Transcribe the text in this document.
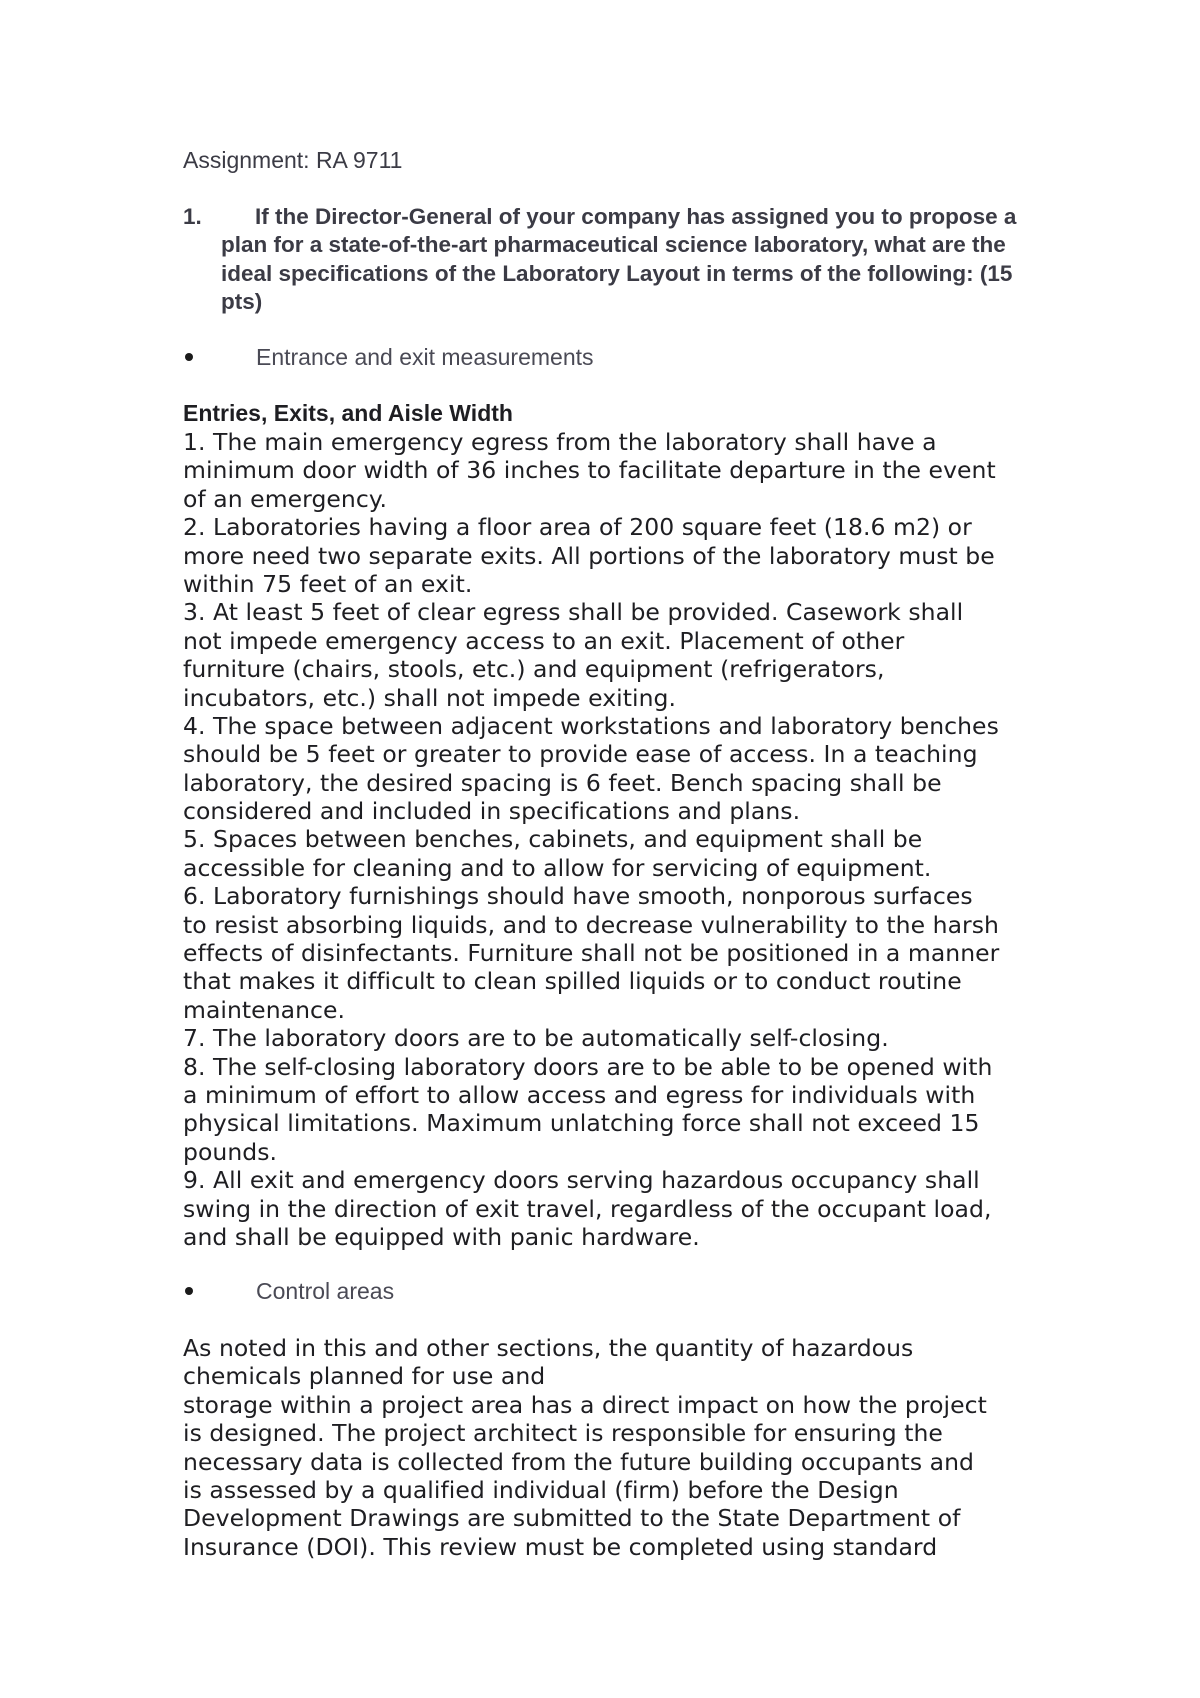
Assignment: RA 9711
1.	If the Director-General of your company has assigned you to propose a plan for a state-of-the-art pharmaceutical science laboratory, what are the ideal specifications of the Laboratory Layout in terms of the following: (15 pts)
Entrance and exit measurements
Entries, Exits, and Aisle Width
1. The main emergency egress from the laboratory shall have a
minimum door width of 36 inches to facilitate departure in the event
of an emergency.
2. Laboratories having a floor area of 200 square feet (18.6 m2) or
more need two separate exits. All portions of the laboratory must be
within 75 feet of an exit.
3. At least 5 feet of clear egress shall be provided. Casework shall
not impede emergency access to an exit. Placement of other
furniture (chairs, stools, etc.) and equipment (refrigerators,
incubators, etc.) shall not impede exiting.
4. The space between adjacent workstations and laboratory benches
should be 5 feet or greater to provide ease of access. In a teaching
laboratory, the desired spacing is 6 feet. Bench spacing shall be
considered and included in specifications and plans.
5. Spaces between benches, cabinets, and equipment shall be
accessible for cleaning and to allow for servicing of equipment.
6. Laboratory furnishings should have smooth, nonporous surfaces
to resist absorbing liquids, and to decrease vulnerability to the harsh
effects of disinfectants. Furniture shall not be positioned in a manner
that makes it difficult to clean spilled liquids or to conduct routine
maintenance.
7. The laboratory doors are to be automatically self-closing.
8. The self-closing laboratory doors are to be able to be opened with
a minimum of effort to allow access and egress for individuals with
physical limitations. Maximum unlatching force shall not exceed 15
pounds.
9. All exit and emergency doors serving hazardous occupancy shall
swing in the direction of exit travel, regardless of the occupant load,
and shall be equipped with panic hardware.
Control areas
As noted in this and other sections, the quantity of hazardous
chemicals planned for use and
storage within a project area has a direct impact on how the project
is designed. The project architect is responsible for ensuring the
necessary data is collected from the future building occupants and
is assessed by a qualified individual (firm) before the Design
Development Drawings are submitted to the State Department of
Insurance (DOI). This review must be completed using standard
